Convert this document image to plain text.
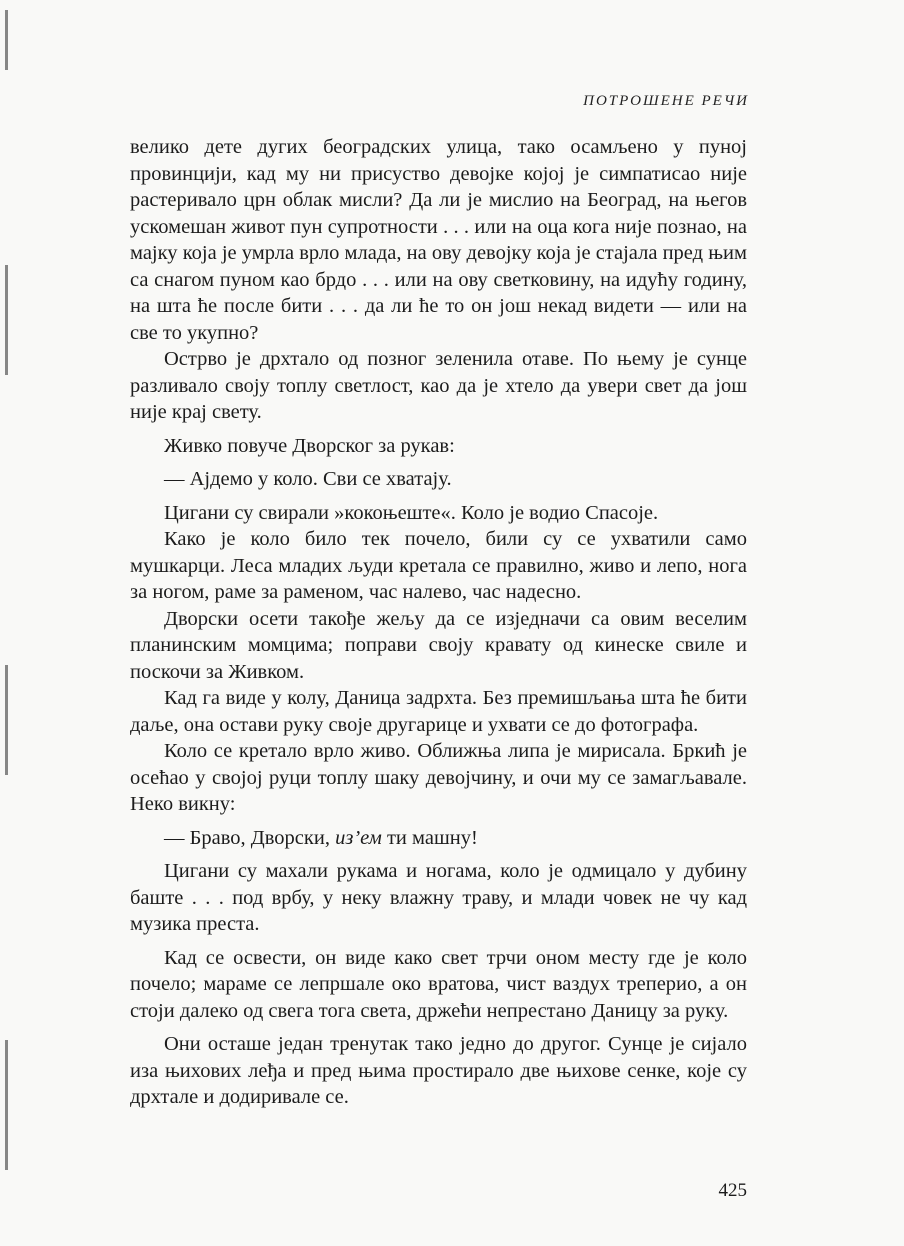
ПОТРОШЕНЕ РЕЧИ

велико дете дугих београдских улица, тако осамљено у пуној провинцији, кад му ни присуство девојке којој је симпатисао није растеривало црн облак мисли? Да ли је мислио на Београд, на његов ускомешан живот пун супротности . . . или на оца кога није познао, на мајку која је умрла врло млада, на ову девојку која је стајала пред њим са снагом пуном као брдо . . . или на ову светковину, на идућу годину, на шта ће после бити . . . да ли ће то он још некад видети — или на све то укупно?

Острво је дрхтало од позног зеленила отаве. По њему је сунце разливало своју топлу светлост, као да је хтело да увери свет да још није крај свету.

Живко повуче Дворског за рукав:

— Ајдемо у коло. Сви се хватају.

Цигани су свирали »кокоњеште«. Коло је водио Спасоје.

Како је коло било тек почело, били су се ухватили само мушкарци. Леса младих људи кретала се правилно, живо и лепо, нога за ногом, раме за раменом, час налево, час надесно.

Дворски осети такође жељу да се изједначи са овим веселим планинским момцима; поправи своју кравату од кинеске свиле и поскочи за Живком.

Кад га виде у колу, Даница задрхта. Без премишљања шта ће бити даље, она остави руку своје другарице и ухвати се до фотографа.

Коло се кретало врло живо. Оближња липа је мирисала. Бркић је осећао у својој руци топлу шаку девојчину, и очи му се замагљавале. Неко викну:

— Браво, Дворски, из’ем ти машну!

Цигани су махали рукама и ногама, коло је одмицало у дубину баште . . . под врбу, у неку влажну траву, и млади човек не чу кад музика преста.

Кад се освести, он виде како свет трчи оном месту где је коло почело; мараме се лепршале око вратова, чист ваздух треперио, а он стоји далеко од свега тога света, држећи непрестано Даницу за руку.

Они осташе један тренутак тако једно до другог. Сунце је сијало иза њихових леђа и пред њима простирало две њихове сенке, које су дрхтале и додиривале се.

425
